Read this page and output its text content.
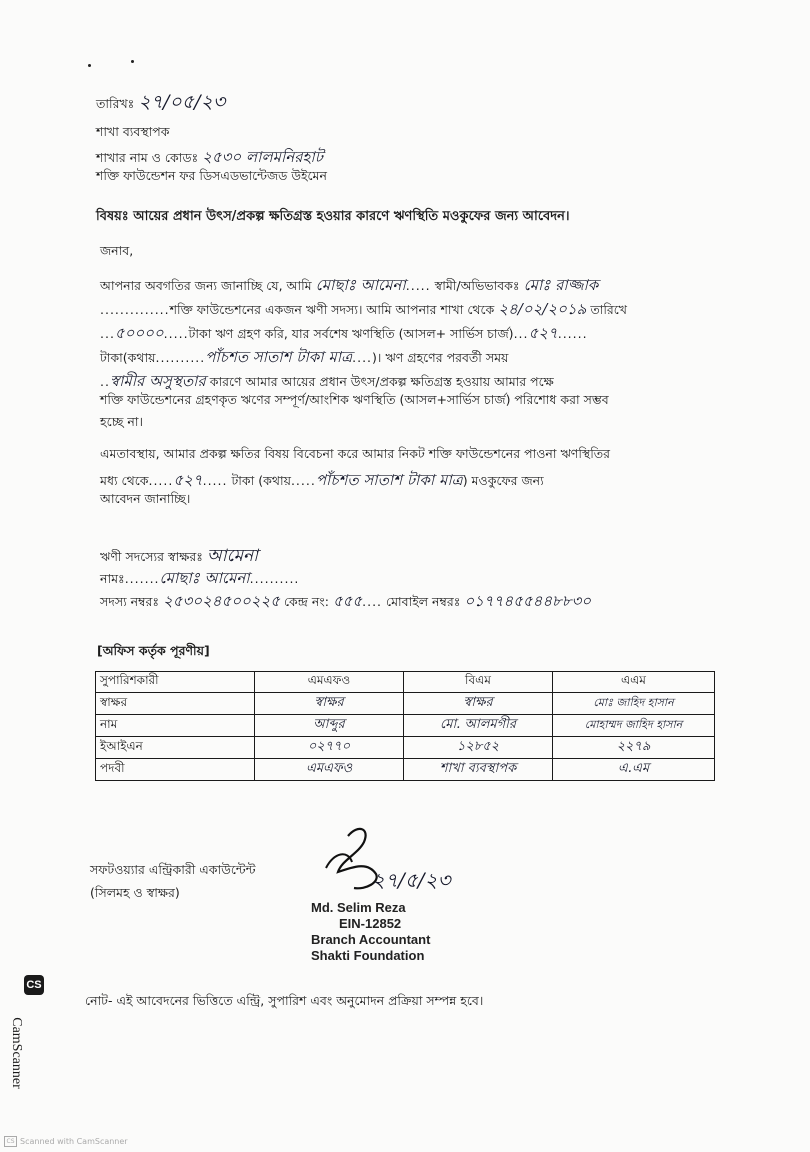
তারিখঃ ২৭/০৫/২৩
শাখা ব্যবস্থাপক
শাখার নাম ও কোডঃ ২৫৩০ লালমনিরহাট
শক্তি ফাউন্ডেশন ফর ডিসএডভান্টেজড উইমেন
বিষয়ঃ আয়ের প্রধান উৎস/প্রকল্প ক্ষতিগ্রস্ত হওয়ার কারণে ঋণস্থিতি মওকুফের জন্য আবেদন।
জনাব,
আপনার অবগতির জন্য জানাচ্ছি যে, আমি মোছাঃ আমেনা..... স্বামী/অভিভাবকঃ মোঃ রাজ্জাক
..............শক্তি ফাউন্ডেশনের একজন ঋণী সদস্য। আমি আপনার শাখা থেকে ২৪/০২/২০১৯ তারিখে
...৫০০০০.....টাকা ঋণ গ্রহণ করি, যার সর্বশেষ ঋণস্থিতি (আসল+ সার্ভিস চার্জ)...৫২৭......
টাকা(কথায়..........পাঁচশত সাতাশ টাকা মাত্র....)। ঋণ গ্রহণের পরবর্তী সময়
..স্বামীর অসুস্থতার কারণে আমার আয়ের প্রধান উৎস/প্রকল্প ক্ষতিগ্রস্ত হওয়ায় আমার পক্ষে
শক্তি ফাউন্ডেশনের গ্রহণকৃত ঋণের সম্পূর্ণ/আংশিক ঋণস্থিতি (আসল+সার্ভিস চার্জ) পরিশোধ করা সম্ভব
হচ্ছে না।
এমতাবস্থায়, আমার প্রকল্প ক্ষতির বিষয় বিবেচনা করে আমার নিকট শক্তি ফাউন্ডেশনের পাওনা ঋণস্থিতির
মধ্য থেকে.....৫২৭..... টাকা (কথায়.....পাঁচশত সাতাশ টাকা মাত্র) মওকুফের জন্য
আবেদন জানাচ্ছি।
ঋণী সদস্যের স্বাক্ষরঃ আমেনা
নামঃ.......মোছাঃ আমেনা..........
সদস্য নম্বরঃ ২৫৩০২৪৫০০২২৫ কেন্দ্র নং: ৫৫৫.... মোবাইল নম্বরঃ ০১৭৭৪৫৫৪৪৮৮৩০
[অফিস কর্তৃক পূরণীয়]
সুপারিশকারী	এমএফও	বিএম	এএম
স্বাক্ষর	স্বাক্ষর	স্বাক্ষর	মোঃ জাহিদ হাসান
নাম	আব্দুর	মো. আলমগীর	মোহাম্মদ জাহিদ হাসান
ইআইএন	০২৭৭০	১২৮৫২	২২৭৯
পদবী	এমএফও	শাখা ব্যবস্থাপক	এ.এম
সফটওয়্যার এন্ট্রিকারী একাউন্টেন্ট
(সিলমহ ও স্বাক্ষর)
২৭/৫/২৩
Md. Selim Reza
EIN-12852
Branch Accountant
Shakti Foundation
নোট- এই আবেদনের ভিত্তিতে এন্ট্রি, সুপারিশ এবং অনুমোদন প্রক্রিয়া সম্পন্ন হবে।
CS
CamScanner
CS Scanned with CamScanner
